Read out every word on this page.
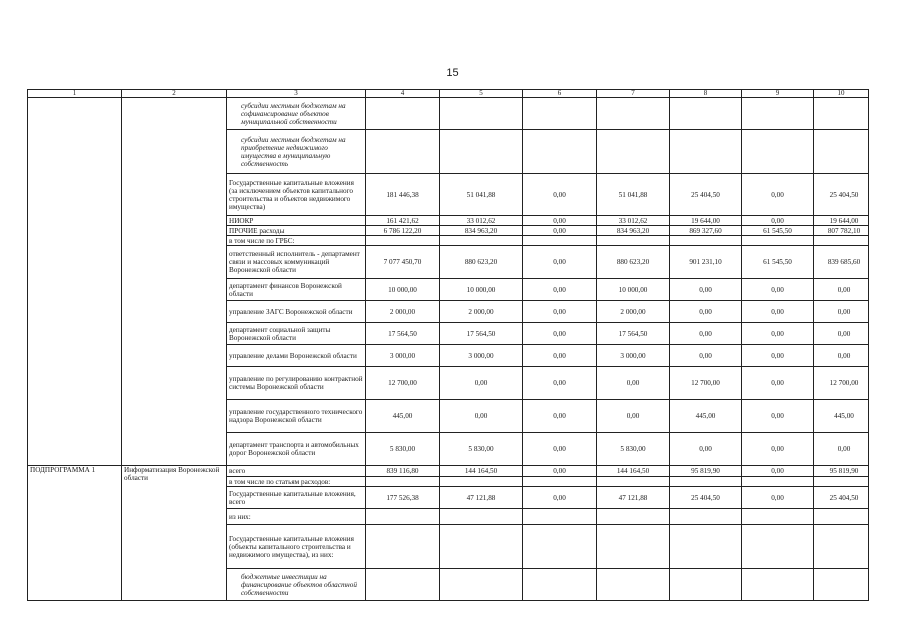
15
1	2	3	4	5	6	7	8	9	10
		субсидии местным бюджетам на софинансирование объектов муниципальной собственности							
		субсидии местным бюджетам на приобретение недвижимого имущества в муниципальную собственность							
		Государственные капитальные вложения (за исключением объектов капитального строительства и объектов недвижимого имущества)	181 446,38	51 041,88	0,00	51 041,88	25 404,50	0,00	25 404,50
		НИОКР	161 421,62	33 012,62	0,00	33 012,62	19 644,00	0,00	19 644,00
		ПРОЧИЕ расходы	6 786 122,20	834 963,20	0,00	834 963,20	869 327,60	61 545,50	807 782,10
		в том числе по ГРБС:							
		ответственный исполнитель - департамент связи и массовых коммуникаций Воронежской области	7 077 450,70	880 623,20	0,00	880 623,20	901 231,10	61 545,50	839 685,60
		департамент финансов Воронежской области	10 000,00	10 000,00	0,00	10 000,00	0,00	0,00	0,00
		управление ЗАГС Воронежской области	2 000,00	2 000,00	0,00	2 000,00	0,00	0,00	0,00
		департамент социальной защиты Воронежской области	17 564,50	17 564,50	0,00	17 564,50	0,00	0,00	0,00
		управление делами Воронежской области	3 000,00	3 000,00	0,00	3 000,00	0,00	0,00	0,00
		управление по регулированию контрактной системы Воронежской области	12 700,00	0,00	0,00	0,00	12 700,00	0,00	12 700,00
		управление государственного технического надзора Воронежской области	445,00	0,00	0,00	0,00	445,00	0,00	445,00
		департамент транспорта и автомобильных дорог Воронежской области	5 830,00	5 830,00	0,00	5 830,00	0,00	0,00	0,00
ПОДПРОГРАММА 1	Информатизация Воронежской области	всего	839 116,80	144 164,50	0,00	144 164,50	95 819,90	0,00	95 819,90
		в том числе по статьям расходов:							
		Государственные капитальные вложения, всего	177 526,38	47 121,88	0,00	47 121,88	25 404,50	0,00	25 404,50
		из них:							
		Государственные капитальные вложения (объекты капитального строительства и недвижимого имущества), из них:							
		бюджетные инвестиции на финансирование объектов областной собственности							
